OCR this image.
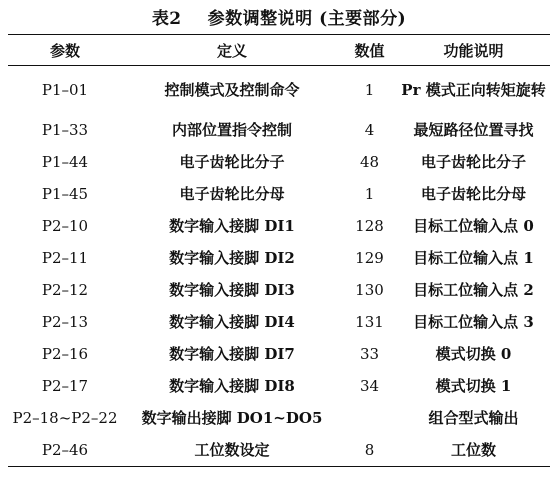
表2 参数调整说明 (主要部分)
参数	定义	数值	功能说明
P1–01	控制模式及控制命令	1	Pr 模式正向转矩旋转
P1–33	内部位置指令控制	4	最短路径位置寻找
P1–44	电子齿轮比分子	48	电子齿轮比分子
P1–45	电子齿轮比分母	1	电子齿轮比分母
P2–10	数字输入接脚 DI1	128	目标工位输入点 0
P2–11	数字输入接脚 DI2	129	目标工位输入点 1
P2–12	数字输入接脚 DI3	130	目标工位输入点 2
P2–13	数字输入接脚 DI4	131	目标工位输入点 3
P2–16	数字输入接脚 DI7	33	模式切换 0
P2–17	数字输入接脚 DI8	34	模式切换 1
P2–18~P2–22	数字输出接脚 DO1~DO5		组合型式输出
P2–46	工位数设定	8	工位数
